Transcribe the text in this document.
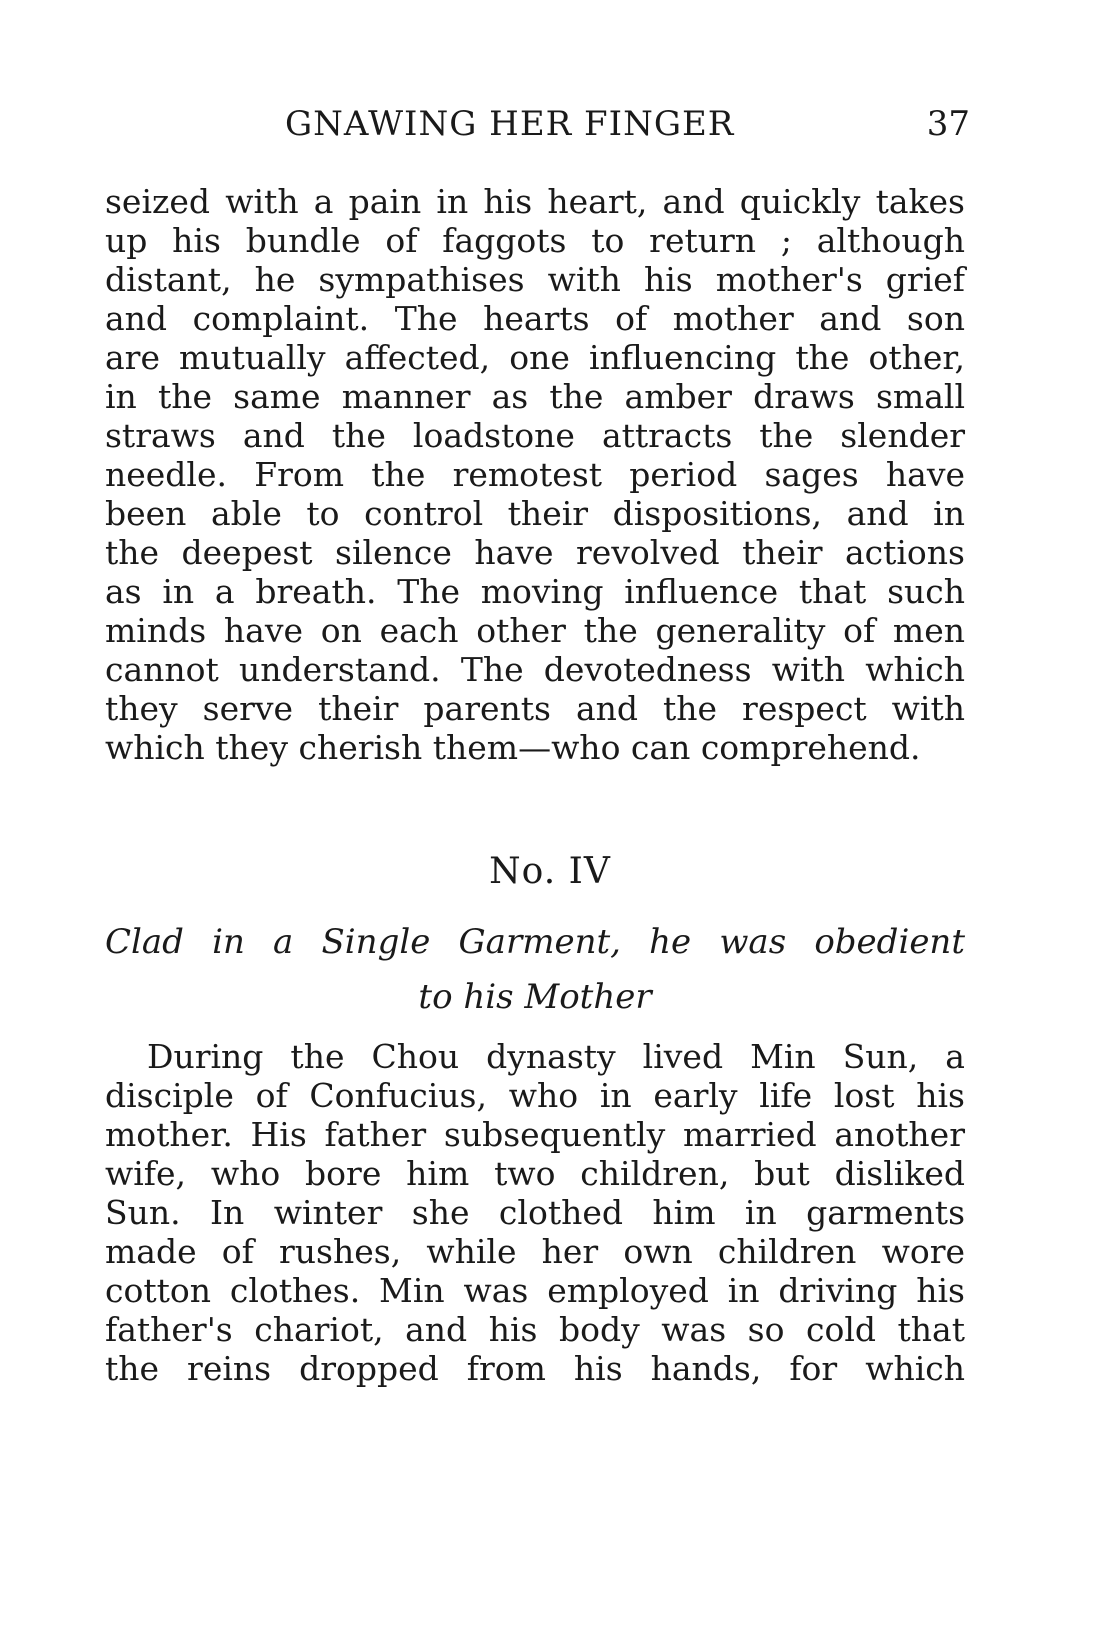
GNAWING HER FINGER	37
seized with a pain in his heart, and quickly takes
up his bundle of faggots to return ; although
distant, he sympathises with his mother's grief
and complaint. The hearts of mother and son
are mutually affected, one influencing the other,
in the same manner as the amber draws small
straws and the loadstone attracts the slender
needle. From the remotest period sages have
been able to control their dispositions, and in
the deepest silence have revolved their actions
as in a breath. The moving influence that such
minds have on each other the generality of men
cannot understand. The devotedness with which
they serve their parents and the respect with
which they cherish them—who can comprehend.
No. IV
Clad in a Single Garment, he was obedient
to his Mother
During the Chou dynasty lived Min Sun, a
disciple of Confucius, who in early life lost his
mother. His father subsequently married another
wife, who bore him two children, but disliked
Sun. In winter she clothed him in garments
made of rushes, while her own children wore
cotton clothes. Min was employed in driving his
father's chariot, and his body was so cold that
the reins dropped from his hands, for which
